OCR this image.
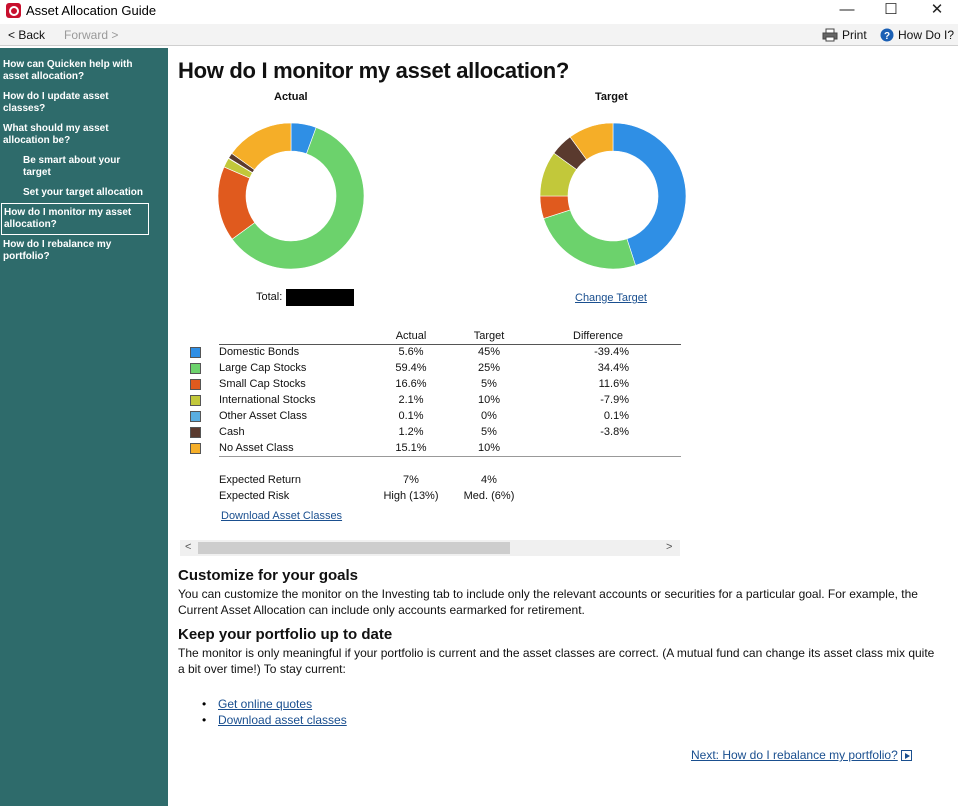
Asset Allocation Guide	—	☐	✕
< Back Forward >	Print ? How Do I?
How can Quicken help with asset allocation?
How do I update asset classes?
What should my asset allocation be?
Be smart about your target
Set your target allocation
How do I monitor my asset allocation?
How do I rebalance my portfolio?
How do I monitor my asset allocation?
Actual	Target
Total:	Change Target
		Actual	Target	Difference
	Domestic Bonds	5.6%	45%	-39.4%
	Large Cap Stocks	59.4%	25%	34.4%
	Small Cap Stocks	16.6%	5%	11.6%
	International Stocks	2.1%	10%	-7.9%
	Other Asset Class	0.1%	0%	0.1%
	Cash	1.2%	5%	-3.8%
	No Asset Class	15.1%	10%	

	Expected Return	7%	4%	
	Expected Risk	High (13%)	Med. (6%)	
Download Asset Classes
<	>
Customize for your goals
You can customize the monitor on the Investing tab to include only the relevant accounts or securities for a particular goal. For example, the Current Asset Allocation can include only accounts earmarked for retirement.
Keep your portfolio up to date
The monitor is only meaningful if your portfolio is current and the asset classes are correct. (A mutual fund can change its asset class mix quite a bit over time!) To stay current:
• Get online quotes
• Download asset classes
Next: How do I rebalance my portfolio?
